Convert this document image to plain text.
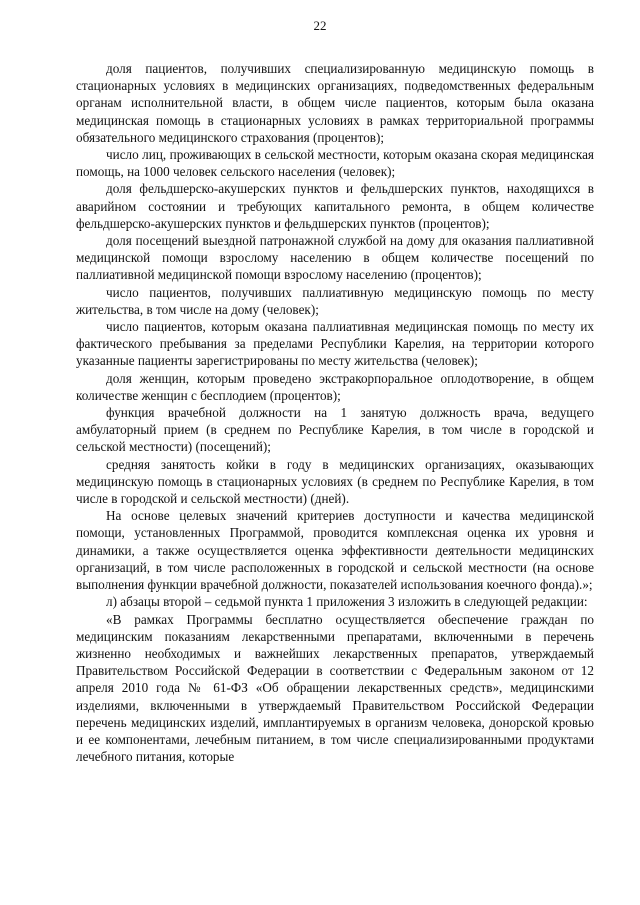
22

доля пациентов, получивших специализированную медицинскую помощь в стационарных условиях в медицинских организациях, подведомственных федеральным органам исполнительной власти, в общем числе пациентов, которым была оказана медицинская помощь в стационарных условиях в рамках территориальной программы обязательного медицинского страхования (процентов);

число лиц, проживающих в сельской местности, которым оказана скорая медицинская помощь, на 1000 человек сельского населения (человек);

доля фельдшерско-акушерских пунктов и фельдшерских пунктов, находящихся в аварийном состоянии и требующих капитального ремонта, в общем количестве фельдшерско-акушерских пунктов и фельдшерских пунктов (процентов);

доля посещений выездной патронажной службой на дому для оказания паллиативной медицинской помощи взрослому населению в общем количестве посещений по паллиативной медицинской помощи взрослому населению (процентов);

число пациентов, получивших паллиативную медицинскую помощь по месту жительства, в том числе на дому (человек);

число пациентов, которым оказана паллиативная медицинская помощь по месту их фактического пребывания за пределами Республики Карелия, на территории которого указанные пациенты зарегистрированы по месту жительства (человек);

доля женщин, которым проведено экстракорпоральное оплодотворение, в общем количестве женщин с бесплодием (процентов);

функция врачебной должности на 1 занятую должность врача, ведущего амбулаторный прием (в среднем по Республике Карелия, в том числе в городской и сельской местности) (посещений);

средняя занятость койки в году в медицинских организациях, оказывающих медицинскую помощь в стационарных условиях (в среднем по Республике Карелия, в том числе в городской и сельской местности) (дней).

На основе целевых значений критериев доступности и качества медицинской помощи, установленных Программой, проводится комплексная оценка их уровня и динамики, а также осуществляется оценка эффективности деятельности медицинских организаций, в том числе расположенных в городской и сельской местности (на основе выполнения функции врачебной должности, показателей использования коечного фонда).»;

л) абзацы второй – седьмой пункта 1 приложения 3 изложить в следующей редакции:

«В рамках Программы бесплатно осуществляется обеспечение граждан по медицинским показаниям лекарственными препаратами, включенными в перечень жизненно необходимых и важнейших лекарственных препаратов, утверждаемый Правительством Российской Федерации в соответствии с Федеральным законом от 12 апреля 2010 года № 61-ФЗ «Об обращении лекарственных средств», медицинскими изделиями, включенными в утверждаемый Правительством Российской Федерации перечень медицинских изделий, имплантируемых в организм человека, донорской кровью и ее компонентами, лечебным питанием, в том числе специализированными продуктами лечебного питания, которые
